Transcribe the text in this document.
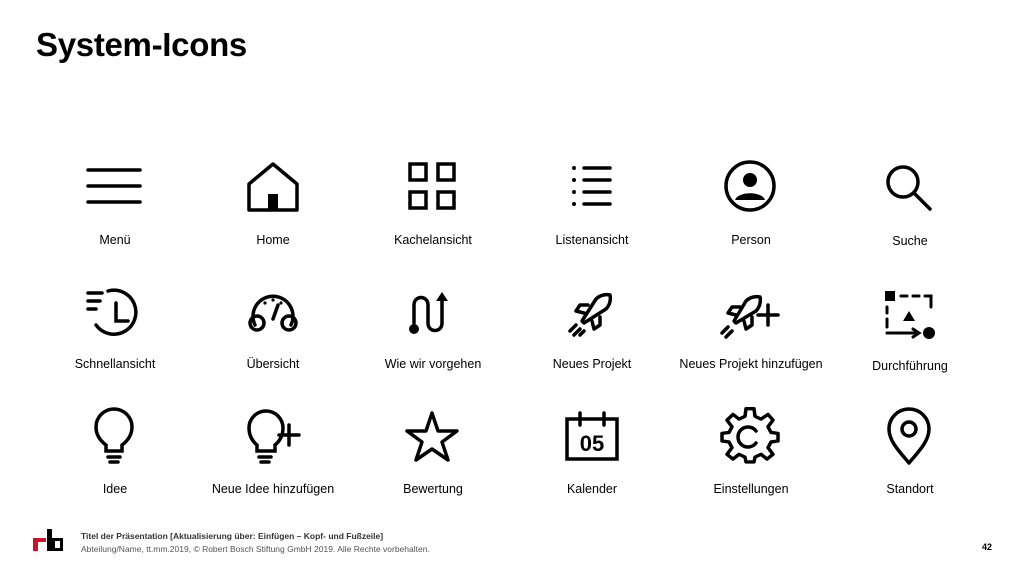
System-Icons
Menü	Home	Kachelansicht	Listenansicht	Person	Suche
Schnellansicht	Übersicht	Wie wir vorgehen	Neues Projekt	Neues Projekt hinzufügen	Durchführung
Idee	Neue Idee hinzufügen	Bewertung
05
Kalender	Einstellungen	Standort
Titel der Präsentation [Aktualisierung über: Einfügen – Kopf- und Fußzeile]
Abteilung/Name, tt.mm.2019, © Robert Bosch Stiftung GmbH 2019. Alle Rechte vorbehalten.	42
